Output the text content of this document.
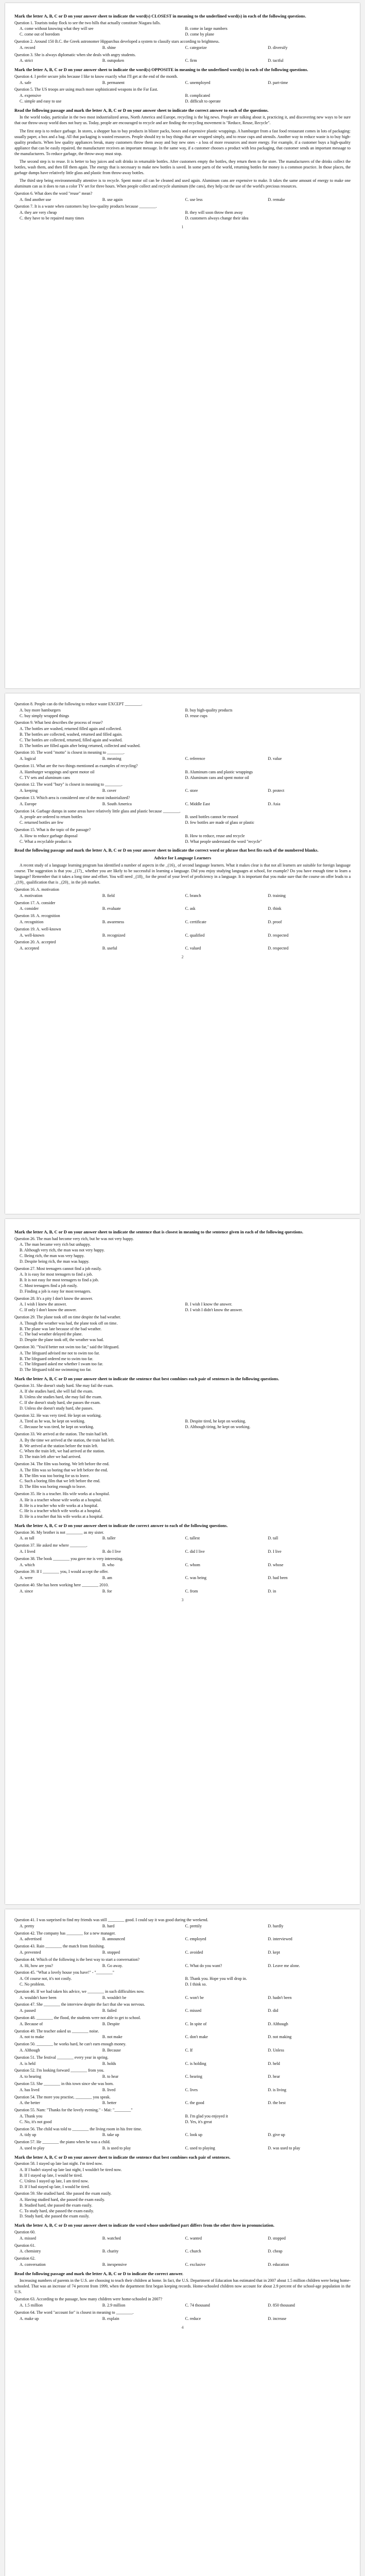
Mark the letter A, B, C or D on your answer sheet to indicate the word(s) CLOSEST in meaning to the underlined word(s) in each of the following questions.

Question 1. Tourists today flock to see the two hills that actually constitute Niagara falls.

A. come without knowing what they will see	B. come in large numbers
C. come out of boredom	D. come by plane

Question 2. Around 150 B.C. the Greek astronomer Hipparchus developed a system to classify stars according to brightness.

A. record	B. shine	C. categorize	D. diversify

Question 3. She is always diplomatic when she deals with angry students.

A. strict	B. outspoken	C. firm	D. tactful
Mark the letter A, B, C or D on your answer sheet to indicate the word(s) OPPOSITE in meaning to the underlined word(s) in each of the following questions.

Question 4. I prefer secure jobs because I like to know exactly what I'll get at the end of the month.

A. safe	B. permanent	C. unemployed	D. part-time

Question 5. The US troops are using much more sophisticated weapons in the Far East.

A. expensive	B. complicated
C. simple and easy to use	D. difficult to operate
Read the following passage and mark the letter A, B, C or D on your answer sheet to indicate the correct answer to each of the questions.

In the world today, particular in the two most industrialized areas, North America and Europe, recycling is the big news. People are talking about it, practicing it, and discovering new ways to be sure that our throw-away world does not bury us. Today, people are encouraged to recycle and are finding the recycling movement is "Reduce, Reuse, Recycle".

The first step is to reduce garbage. In stores, a shopper has to buy products in blister packs, boxes and expensive plastic wrappings. A hamburger from a fast food restaurant comes in lots of packaging: usually paper, a box and a bag. All that packaging is wasted resources. People should try to buy things that are wrapped simply, and to reuse cups and utensils. Another way to reduce waste is to buy high-quality products. When low quality appliances break, many customers throw them away and buy new ones - a loss of more resources and more energy. For example, if a customer buys a high-quality appliance that can be easily repaired, the manufacturer receives an important message. In the same way, if a customer chooses a product with less packaging, that customer sends an important message to the manufacturers. To reduce garbage, the throw-away must stop.

The second step is to reuse. It is better to buy juices and soft drinks in returnable bottles. After customers empty the bottles, they return them to the store. The manufacturers of the drinks collect the bottles, wash them, and then fill them again. The energy that is necessary to make new bottles is saved. In some parts of the world, returning bottles for money is a common practice. In those places, the garbage dumps have relatively little glass and plastic from throw-away bottles.

The third step being environmentally attentive is to recycle. Spent motor oil can be cleaned and used again. Aluminum cans are expensive to make. It takes the same amount of energy to make one aluminum can as it does to run a color TV set for three hours. When people collect and recycle aluminum (the cans), they help cut the use of the world's precious resources.

Question 6. What does the word "reuse" mean?

A. find another use	B. use again	C. use less	D. remake

Question 7. It is a waste when customers buy low-quality products because ________.

A. they are very cheap	B. they will soon throw them away
C. they have to be repaired many times	D. customers always change their idea
1

Question 8. People can do the following to reduce waste EXCEPT ________.

A. buy more hamburgers	B. buy high-quality products
C. buy simply wrapped things	D. reuse cups

Question 9. What best describes the process of reuse?

A. The bottles are washed, returned filled again and collected.
B. The bottles are collected, washed, returned and filled again.
C. The bottles are collected, returned, filled again and washed.
D. The bottles are filled again after being returned, collected and washed.

Question 10. The word "motto" is closest in meaning to ________.

A. logical	B. meaning	C. reference	D. value

Question 11. What are the two things mentioned as examples of recycling?

A. Hamburger wrappings and spent motor oil	B. Aluminum cans and plastic wrappings
C. TV sets and aluminum cans	D. Aluminum cans and spent motor oil

Question 12. The word "bury" is closest in meaning to ________.

A. keeping	B. cover	C. store	D. protect

Question 13. Which area is considered one of the most industrialized?

A. Europe	B. South America	C. Middle East	D. Asia

Question 14. Garbage dumps in some areas have relatively little glass and plastic because ________.

A. people are ordered to return bottles	B. used bottles cannot be reused
C. returned bottles are few	D. few bottles are made of glass or plastic

Question 15. What is the topic of the passage?

A. How to reduce garbage disposal	B. How to reduce, reuse and recycle
C. What a recyclable product is	D. What people understand the word "recycle"
Read the following passage and mark the letter A, B, C or D on your answer sheet to indicate the correct word or phrase that best fits each of the numbered blanks.
Advice for Language Learners

A recent study of a language learning program has identified a number of aspects in the _(16)_ of second language learners. What it makes clear is that not all learners are suitable for foreign language course. The suggestion is that you _(17)_ whether you are likely to be successful in learning a language. Did you enjoy studying languages at school, for example? Do you have enough time to learn a language? Remember that it takes a long time and effort. You will need _(18)_ for the proof of your level of proficiency in a language. It is important that you make sure that the course on offer leads to a _(19)_ qualification that is _(20)_ in the job market.

Question 16. A. motivation

A. motivation	B. field	C. branch	D. training

Question 17. A. consider

A. consider	B. evaluate	C. ask	D. think

Question 18. A. recognition

A. recognition	B. awareness	C. certificate	D. proof

Question 19. A. well-known

A. well-known	B. recognized	C. qualified	D. respected

Question 20. A. accepted

A. accepted	B. useful	C. valued	D. respected
2
Mark the letter A, B, C or D on your answer sheet to indicate the sentence that is closest in meaning to the sentence given in each of the following questions.

Question 26. The man had become very rich, but he was not very happy.

A. The man became very rich but unhappy.
B. Although very rich, the man was not very happy.
C. Being rich, the man was very happy.
D. Despite being rich, the man was happy.

Question 27. Most teenagers cannot find a job easily.

A. It is easy for most teenagers to find a job.
B. It is not easy for most teenagers to find a job.
C. Most teenagers find a job easily.
D. Finding a job is easy for most teenagers.

Question 28. It's a pity I don't know the answer.

A. I wish I knew the answer.	B. I wish I know the answer.
C. If only I don't know the answer.	D. I wish I didn't know the answer.

Question 29. The plane took off on time despite the bad weather.

A. Though the weather was bad, the plane took off on time.
B. The plane was late because of the bad weather.
C. The bad weather delayed the plane.
D. Despite the plane took off, the weather was bad.

Question 30. "You'd better not swim too far," said the lifeguard.

A. The lifeguard advised me not to swim too far.
B. The lifeguard ordered me to swim too far.
C. The lifeguard asked me whether I swam too far.
D. The lifeguard told me swimming too far.
Mark the letter A, B, C or D on your answer sheet to indicate the sentence that best combines each pair of sentences in the following questions.

Question 31. She doesn't study hard. She may fail the exam.

A. If she studies hard, she will fail the exam.
B. Unless she studies hard, she may fail the exam.
C. If she doesn't study hard, she passes the exam.
D. Unless she doesn't study hard, she passes.

Question 32. He was very tired. He kept on working.

A. Tired as he was, he kept on working.	B. Despite tired, he kept on working.
C. Because he was tired, he kept on working.	D. Although tiring, he kept on working.

Question 33. We arrived at the station. The train had left.

A. By the time we arrived at the station, the train had left.
B. We arrived at the station before the train left.
C. When the train left, we had arrived at the station.
D. The train left after we had arrived.

Question 34. The film was boring. We left before the end.

A. The film was so boring that we left before the end.
B. The film was too boring for us to leave.
C. Such a boring film that we left before the end.
D. The film was boring enough to leave.

Question 35. He is a teacher. His wife works at a hospital.

A. He is a teacher whose wife works at a hospital.
B. He is a teacher who wife works at a hospital.
C. He is a teacher which wife works at a hospital.
D. He is a teacher that his wife works at a hospital.
Mark the letter A, B, C or D on your answer sheet to indicate the correct answer to each of the following questions.

Question 36. My brother is not ________ as my sister.

A. as tall	B. taller	C. tallest	D. tall

Question 37. He asked me where ________.

A. I lived	B. do I live	C. did I live	D. I live

Question 38. The book ________ you gave me is very interesting.

A. which	B. who	C. whom	D. whose

Question 39. If I ________ you, I would accept the offer.

A. were	B. am	C. was being	D. had been

Question 40. She has been working here ________ 2010.

A. since	B. for	C. from	D. in
3

Question 41. I was surprised to find my friends was still ________ good. I could say it was good during the weekend.

A. pretty	B. hard	C. prettily	D. hardly

Question 42. The company has ________ for a new manager.

A. advertised	B. announced	C. employed	D. interviewed

Question 43. Rain ________ the match from finishing.

A. prevented	B. stopped	C. avoided	D. kept

Question 44. Which of the following is the best way to start a conversation?

A. Hi, how are you?	B. Go away.	C. What do you want?	D. Leave me alone.

Question 45. "What a lovely house you have!" - "________"

A. Of course not, it's not costly.	B. Thank you. Hope you will drop in.
C. No problem.	D. I think so.

Question 46. If we had taken his advice, we ________ in such difficulties now.

A. wouldn't have been	B. wouldn't be	C. won't be	D. hadn't been

Question 47. She ________ the interview despite the fact that she was nervous.

A. passed	B. failed	C. missed	D. did

Question 48. ________ the flood, the students were not able to get to school.

A. Because of	B. Despite	C. In spite of	D. Although

Question 49. The teacher asked us ________ noise.

A. not to make	B. not make	C. don't make	D. not making

Question 50. ________ he works hard, he can't earn enough money.

A. Although	B. Because	C. If	D. Unless

Question 51. The festival ________ every year in spring.

A. is held	B. holds	C. is holding	D. held

Question 52. I'm looking forward ________ from you.

A. to hearing	B. to hear	C. hearing	D. hear

Question 53. She ________ in this town since she was born.

A. has lived	B. lived	C. lives	D. is living

Question 54. The more you practise, ________ you speak.

A. the better	B. better	C. the good	D. the best

Question 55. Nam: "Thanks for the lovely evening." - Mai: "________"

A. Thank you	B. I'm glad you enjoyed it
C. No, it's not good	D. Yes, it's great

Question 56. The child was told to ________ the living room in his free time.

A. tidy up	B. take up	C. look up	D. give up

Question 57. He ________ the piano when he was a child.

A. used to play	B. is used to play	C. used to playing	D. was used to play
Mark the letter A, B, C or D on your answer sheet to indicate the sentence that best combines each pair of sentences.

Question 58. I stayed up late last night. I'm tired now.

A. If I hadn't stayed up late last night, I wouldn't be tired now.
B. If I stayed up late, I would be tired.
C. Unless I stayed up late, I am tired now.
D. If I had stayed up late, I would be tired.

Question 59. She studied hard. She passed the exam easily.

A. Having studied hard, she passed the exam easily.
B. Studied hard, she passed the exam easily.
C. To study hard, she passed the exam easily.
D. Study hard, she passed the exam easily.
Mark the letter A, B, C or D on your answer sheet to indicate the word whose underlined part differs from the other three in pronunciation.

Question 60.

A. missed	B. watched	C. wanted	D. stopped

Question 61.

A. chemistry	B. charity	C. church	D. cheap

Question 62.

A. conversation	B. inexpensive	C. exclusive	D. education
Read the following passage and mark the letter A, B, C or D to indicate the correct answer.

Increasing numbers of parents in the U.S. are choosing to teach their children at home. In fact, the U.S. Department of Education has estimated that in 2007 about 1.5 million children were being home-schooled. That was an increase of 74 percent from 1999, when the department first began keeping records. Home-schooled children now account for about 2.9 percent of the school-age population in the U.S.

Question 63. According to the passage, how many children were home-schooled in 2007?

A. 1.5 million	B. 2.9 million	C. 74 thousand	D. 850 thousand

Question 64. The word "account for" is closest in meaning to ________.

A. make up	B. explain	C. reduce	D. increase
4
